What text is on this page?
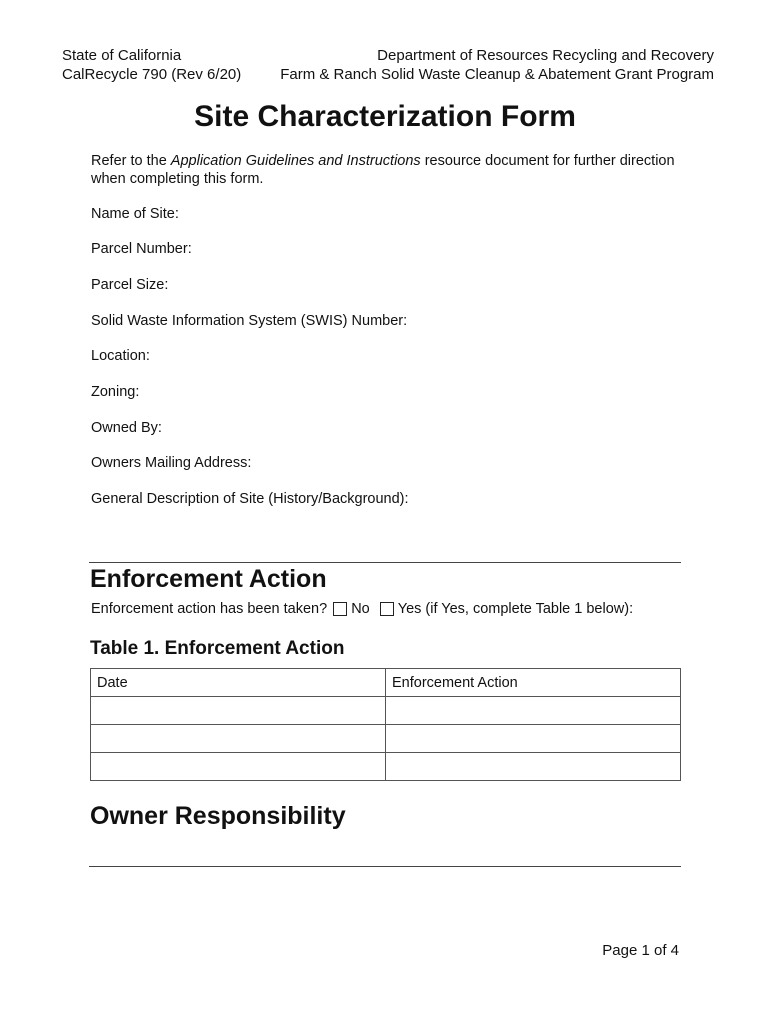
State of California
CalRecycle 790 (Rev 6/20)
Department of Resources Recycling and Recovery
Farm & Ranch Solid Waste Cleanup & Abatement Grant Program
Site Characterization Form
Refer to the Application Guidelines and Instructions resource document for further direction when completing this form.
Name of Site:
Parcel Number:
Parcel Size:
Solid Waste Information System (SWIS) Number:
Location:
Zoning:
Owned By:
Owners Mailing Address:
General Description of Site (History/Background):
Enforcement Action
Enforcement action has been taken? No Yes (if Yes, complete Table 1 below):
Table 1. Enforcement Action
Date	Enforcement Action

Owner Responsibility
Page 1 of 4
